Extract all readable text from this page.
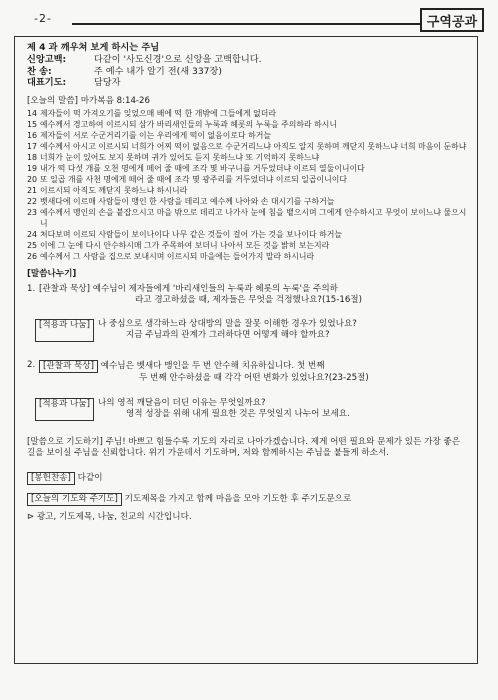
-2-	구역공과

제 4 과 깨우쳐 보게 하시는 주님

신앙고백:	다같이 '사도신경'으로 신앙을 고백합니다.

찬 송:	주 예수 내가 알기 전(새 337장)

대표기도:	담당자

[오늘의 말씀] 마가복음 8:14-26

14 제자들이 떡 가져오기를 잊었으매 배에 떡 한 개밖에 그들에게 없더라
15 예수께서 경고하여 이르시되 삼가 바리새인들의 누룩과 헤롯의 누룩을 주의하라 하시니
16 제자들이 서로 수군거리기를 이는 우리에게 떡이 없음이로다 하거늘
17 예수께서 아시고 이르시되 너희가 어찌 떡이 없음으로 수군거리느냐 아직도 알지 못하며 깨닫지 못하느냐 너희 마음이 둔하냐
18 너희가 눈이 있어도 보지 못하며 귀가 있어도 듣지 못하느냐 또 기억하지 못하느냐
19 내가 떡 다섯 개를 오천 명에게 떼어 줄 때에 조각 몇 바구니를 거두었더냐 이르되 열둘이니이다
20 또 일곱 개를 사천 명에게 떼어 줄 때에 조각 몇 광주리를 거두었더냐 이르되 일곱이니이다
21 이르시되 아직도 깨닫지 못하느냐 하시니라
22 벳새다에 이르매 사람들이 맹인 한 사람을 데리고 예수께 나아와 손 대시기를 구하거늘
23 예수께서 맹인의 손을 붙잡으시고 마을 밖으로 데리고 나가사 눈에 침을 뱉으시며 그에게 안수하시고 무엇이 보이느냐 물으시니
24 쳐다보며 이르되 사람들이 보이나이다 나무 같은 것들이 걸어 가는 것을 보나이다 하거늘
25 이에 그 눈에 다시 안수하시매 그가 주목하여 보더니 나아서 모든 것을 밝히 보는지라
26 예수께서 그 사람을 집으로 보내시며 이르시되 마을에는 들어가지 말라 하시니라

[말씀나누기]

1. [관찰과 묵상] 예수님이 제자들에게 '바리새인들의 누룩과 헤롯의 누룩'을 주의하
라고 경고하셨을 때, 제자들은 무엇을 걱정했나요?(15-16절)
[적용과 나눔] 나 중심으로 생각하느라 상대방의 말을 잘못 이해한 경우가 있었나요?
지금 주님과의 관계가 그러하다면 어떻게 해야 할까요?
2. [관찰과 묵상] 예수님은 벳새다 맹인을 두 번 안수해 치유하십니다. 첫 번째
두 번째 안수하셨을 때 각각 어떤 변화가 있었나요?(23-25절)
[적용과 나눔] 나의 영적 깨달음이 더딘 이유는 무엇일까요?
영적 성장을 위해 내게 필요한 것은 무엇일지 나누어 보세요.

[말씀으로 기도하기] 주님! 바쁘고 힘들수록 기도의 자리로 나아가겠습니다. 제게 어떤 필요와 문제가 있든 가장 좋은 길을 보이실 주님을 신뢰합니다. 위기 가운데서 기도하며, 저와 함께하시는 주님을 붙들게 하소서.

[봉헌찬송] 다같이

[오늘의 기도와 주기도] 기도제목을 가지고 함께 마음을 모아 기도한 후 주기도문으로

⊳ 광고, 기도제목, 나눔, 친교의 시간입니다.
